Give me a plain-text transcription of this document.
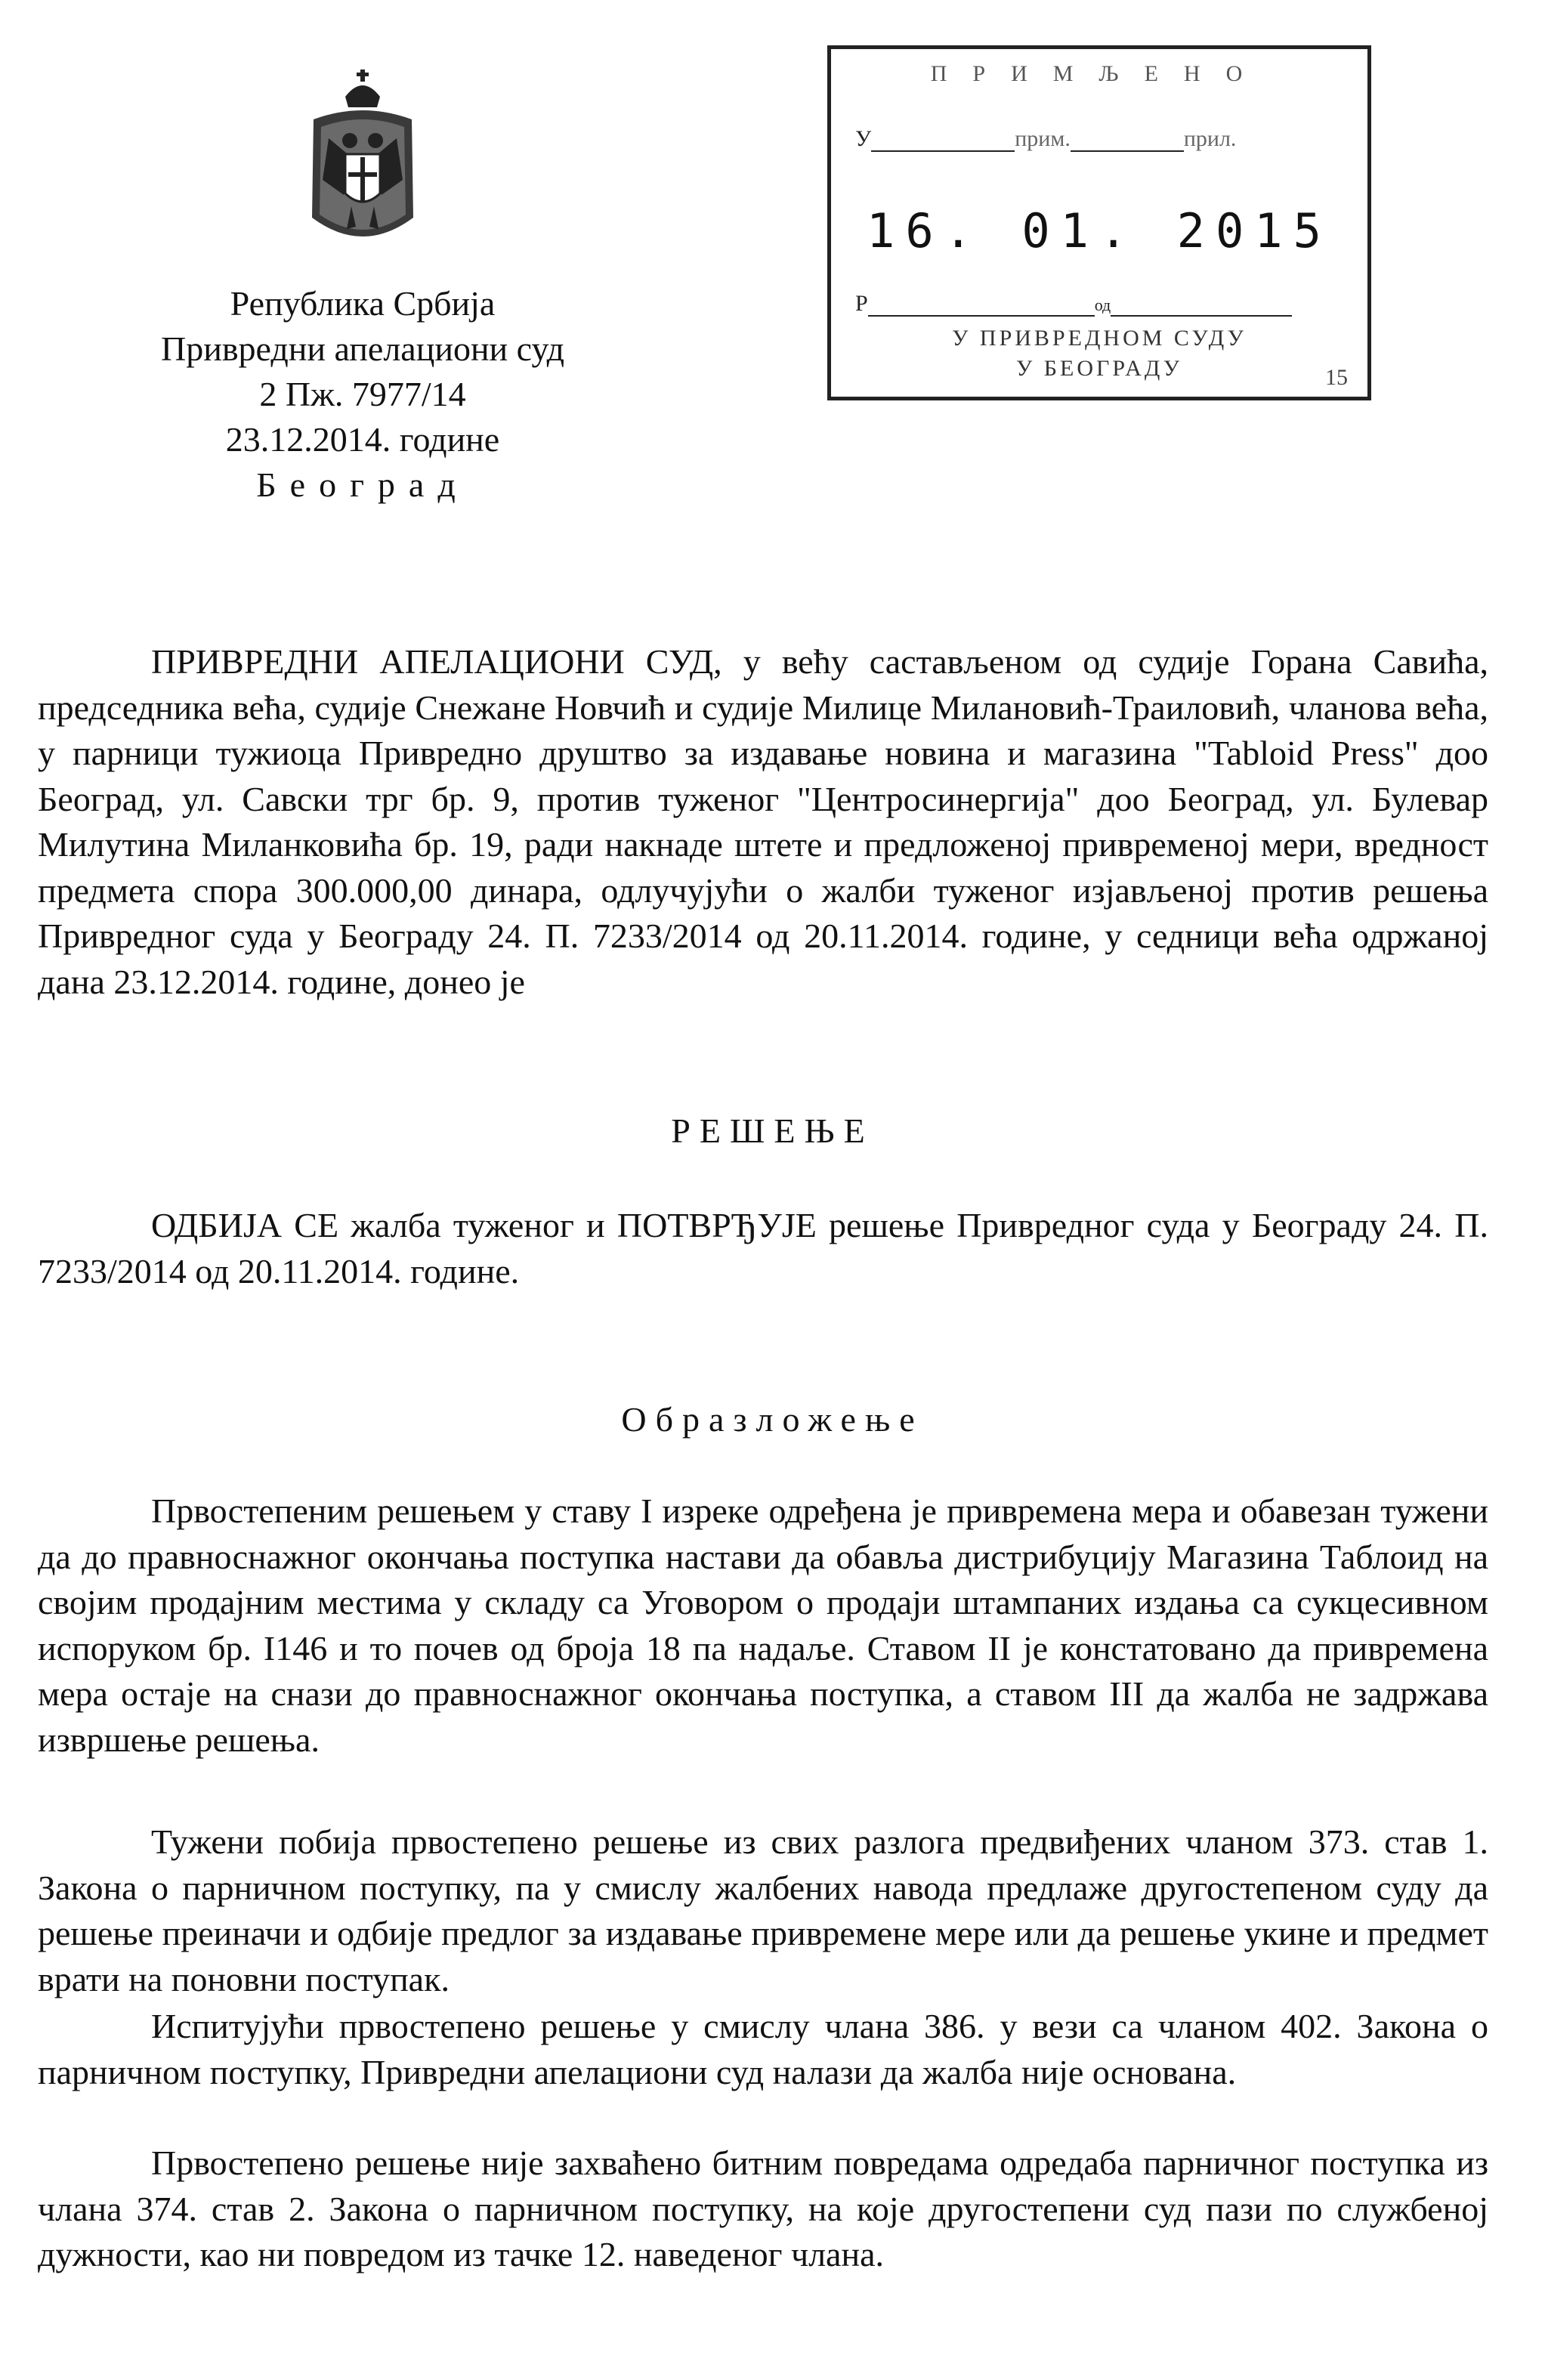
Република Србија
Привредни апелациони суд
2 Пж. 7977/14
23.12.2014. године
Београд
ПРИМЉЕНО
У	прим.	прил.
16. 01. 2015
Р	од
У ПРИВРЕДНОМ СУДУ
У БЕОГРАДУ	15

ПРИВРЕДНИ АПЕЛАЦИОНИ СУД, у већу састављеном од судије Горана Савића, председника већа, судије Снежане Новчић и судије Милице Милановић-Траиловић, чланова већа, у парници тужиоца Привредно друштво за издавање новина и магазина "Tabloid Press" доо Београд, ул. Савски трг бр. 9, против туженог "Центросинергија" доо Београд, ул. Булевар Милутина Миланковића бр. 19, ради накнаде штете и предложеној привременој мери, вредност предмета спора 300.000,00 динара, одлучујући о жалби туженог изјављеној против решења Привредног суда у Београду 24. П. 7233/2014 од 20.11.2014. године, у седници већа одржаној дана 23.12.2014. године, донео је

РЕШЕЊЕ

ОДБИЈА СЕ жалба туженог и ПОТВРЂУЈЕ решење Привредног суда у Београду 24. П. 7233/2014 од 20.11.2014. године.

Образложење

Првостепеним решењем у ставу I изреке одређена је привремена мера и обавезан тужени да до правноснажног окончања поступка настави да обавља дистрибуцију Магазина Таблоид на својим продајним местима у складу са Уговором о продаји штампаних издања са сукцесивном испоруком бр. I146 и то почев од броја 18 па надаље. Ставом II је констатовано да привремена мера остаје на снази до правноснажног окончања поступка, а ставом III да жалба не задржава извршење решења.

Тужени побија првостепено решење из свих разлога предвиђених чланом 373. став 1. Закона о парничном поступку, па у смислу жалбених навода предлаже другостепеном суду да решење преиначи и одбије предлог за издавање привремене мере или да решење укине и предмет врати на поновни поступак.

Испитујући првостепено решење у смислу члана 386. у вези са чланом 402. Закона о парничном поступку, Привредни апелациони суд налази да жалба није основана.

Првостепено решење није захваћено битним повредама одредаба парничног поступка из члана 374. став 2. Закона о парничном поступку, на које другостепени суд пази по службеној дужности, као ни повредом из тачке 12. наведеног члана.
